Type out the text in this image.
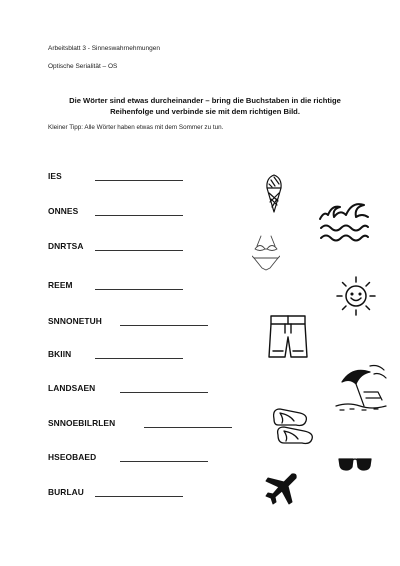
Arbeitsblatt 3 - Sinneswahrnehmungen
Optische Serialität – OS
Die Wörter sind etwas durcheinander – bring die Buchstaben in die richtige
Reihenfolge und verbinde sie mit dem richtigen Bild.
Kleiner Tipp: Alle Wörter haben etwas mit dem Sommer zu tun.
IES
ONNES
DNRTSA
REEM
SNNONETUH
BKIIN
LANDSAEN
SNNOEBILRLEN
HSEOBAED
BURLAU
